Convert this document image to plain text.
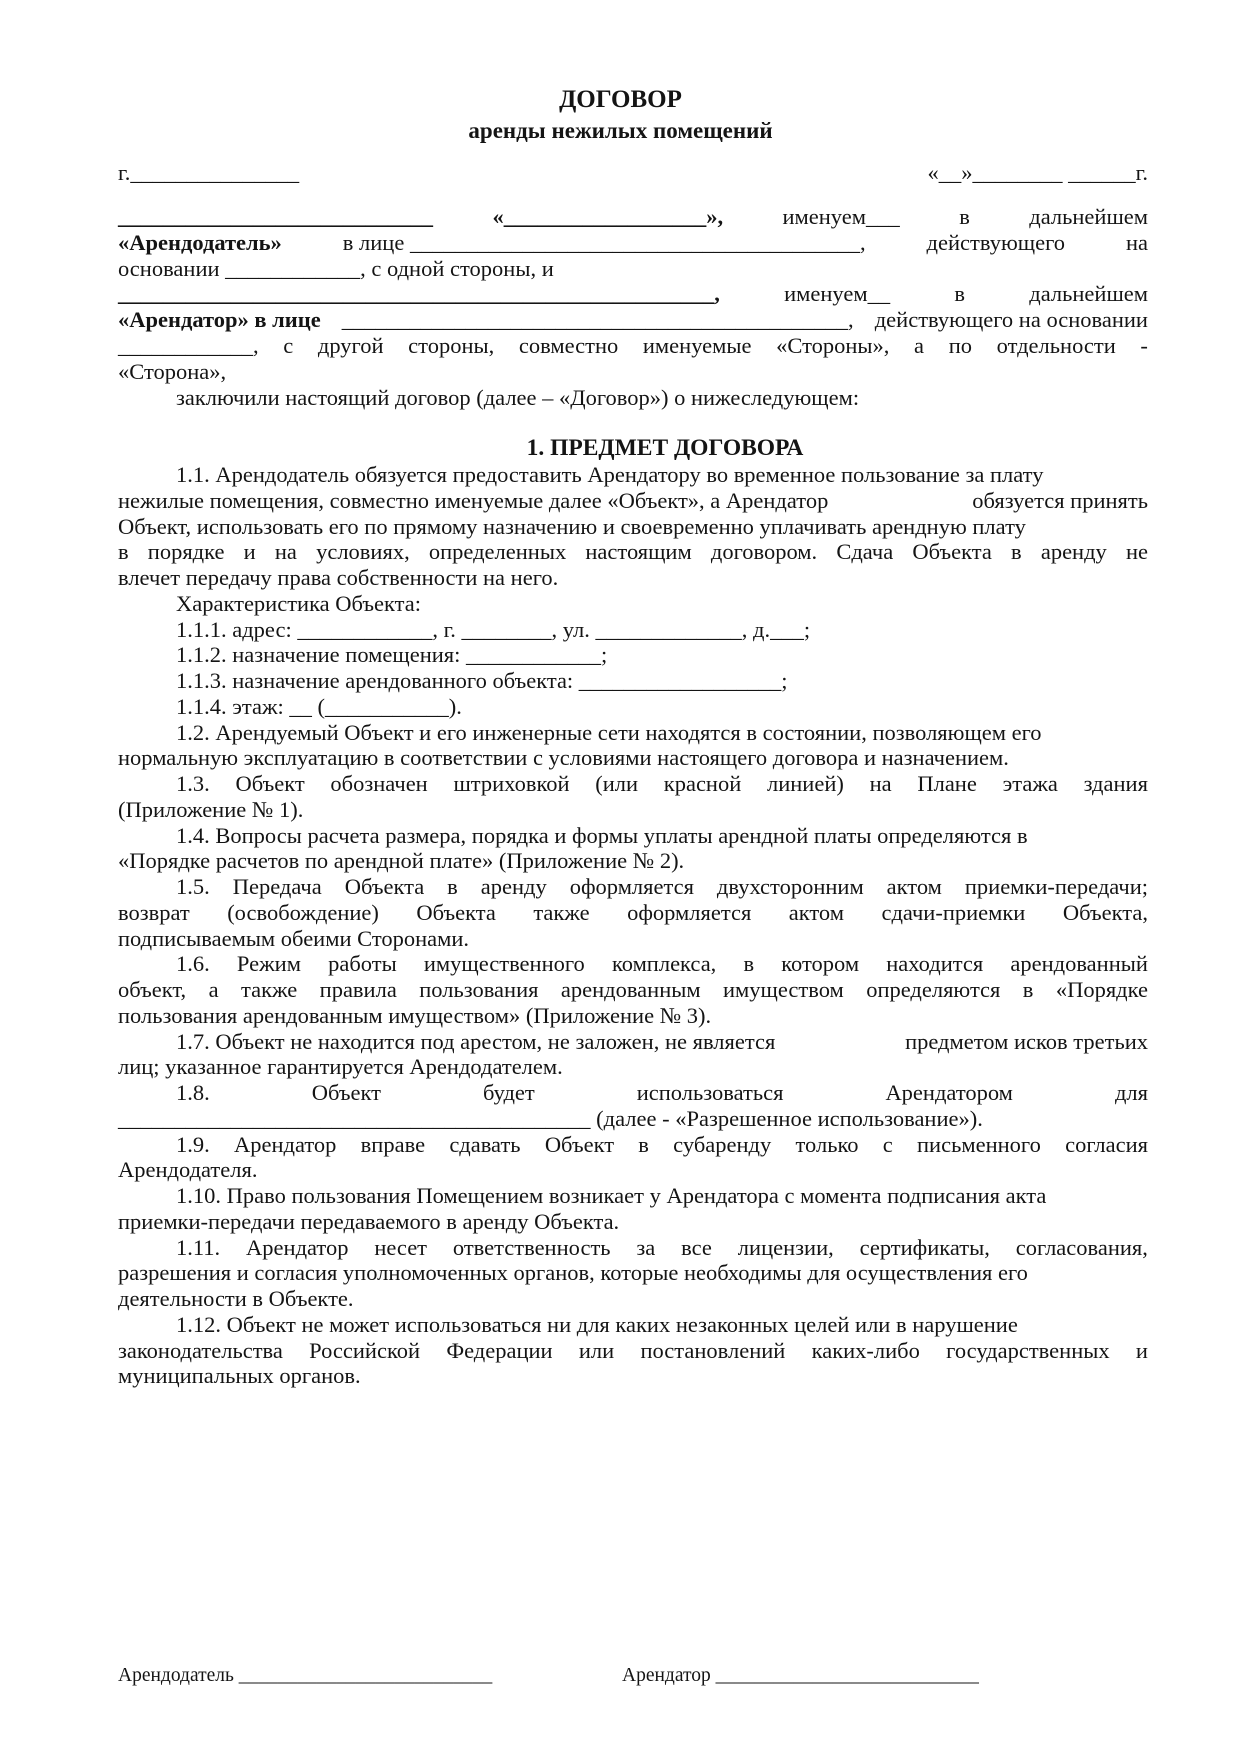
ДОГОВОР

аренды нежилых помещений

г._______________	«__»________ ______г.
____________________________	«__________________»,	именуем___	в	дальнейшем
«Арендодатель»	в лице ________________________________________,	действующего	на
основании ____________, с одной стороны, и
_____________________________________________________,	именуем__	в	дальнейшем
«Арендатор» в лице _____________________________________________, действующего на основании
____________, с другой стороны, совместно именуемые «Стороны», а по отдельности -
«Сторона»,
заключили настоящий договор (далее – «Договор») о нижеследующем:

1. ПРЕДМЕТ ДОГОВОРА

1.1. Арендодатель обязуется предоставить Арендатору во временное пользование за плату
нежилые помещения, совместно именуемые далее «Объект», а Арендатор	обязуется принять
Объект, использовать его по прямому назначению и своевременно уплачивать арендную плату
в порядке и на условиях, определенных настоящим договором. Сдача Объекта в аренду не
влечет передачу права собственности на него.
Характеристика Объекта:
1.1.1. адрес: ____________, г. ________, ул. _____________, д.___;
1.1.2. назначение помещения: ____________;
1.1.3. назначение арендованного объекта: __________________;
1.1.4. этаж: __ (___________).
1.2. Арендуемый Объект и его инженерные сети находятся в состоянии, позволяющем его
нормальную эксплуатацию в соответствии с условиями настоящего договора и назначением.
1.3. Объект обозначен штриховкой (или красной линией) на Плане этажа здания
(Приложение № 1).
1.4. Вопросы расчета размера, порядка и формы уплаты арендной платы определяются в
«Порядке расчетов по арендной плате» (Приложение № 2).
1.5. Передача Объекта в аренду оформляется двухсторонним актом приемки-передачи;
возврат (освобождение) Объекта также оформляется актом сдачи-приемки Объекта,
подписываемым обеими Сторонами.
1.6. Режим работы имущественного комплекса, в котором находится арендованный
объект, а также правила пользования арендованным имуществом определяются в «Порядке
пользования арендованным имуществом» (Приложение № 3).
1.7. Объект не находится под арестом, не заложен, не является	предметом исков третьих
лиц; указанное гарантируется Арендодателем.
1.8.	Объект	будет	использоваться	Арендатором	для
__________________________________________ (далее - «Разрешенное использование»).
1.9. Арендатор вправе сдавать Объект в субаренду только с письменного согласия
Арендодателя.
1.10. Право пользования Помещением возникает у Арендатора с момента подписания акта
приемки-передачи передаваемого в аренду Объекта.
1.11. Арендатор несет ответственность за все лицензии, сертификаты, согласования,
разрешения и согласия уполномоченных органов, которые необходимы для осуществления его
деятельности в Объекте.
1.12. Объект не может использоваться ни для каких незаконных целей или в нарушение
законодательства Российской Федерации или постановлений каких-либо государственных и
муниципальных органов.

Арендодатель __________________________	Арендатор ___________________________
